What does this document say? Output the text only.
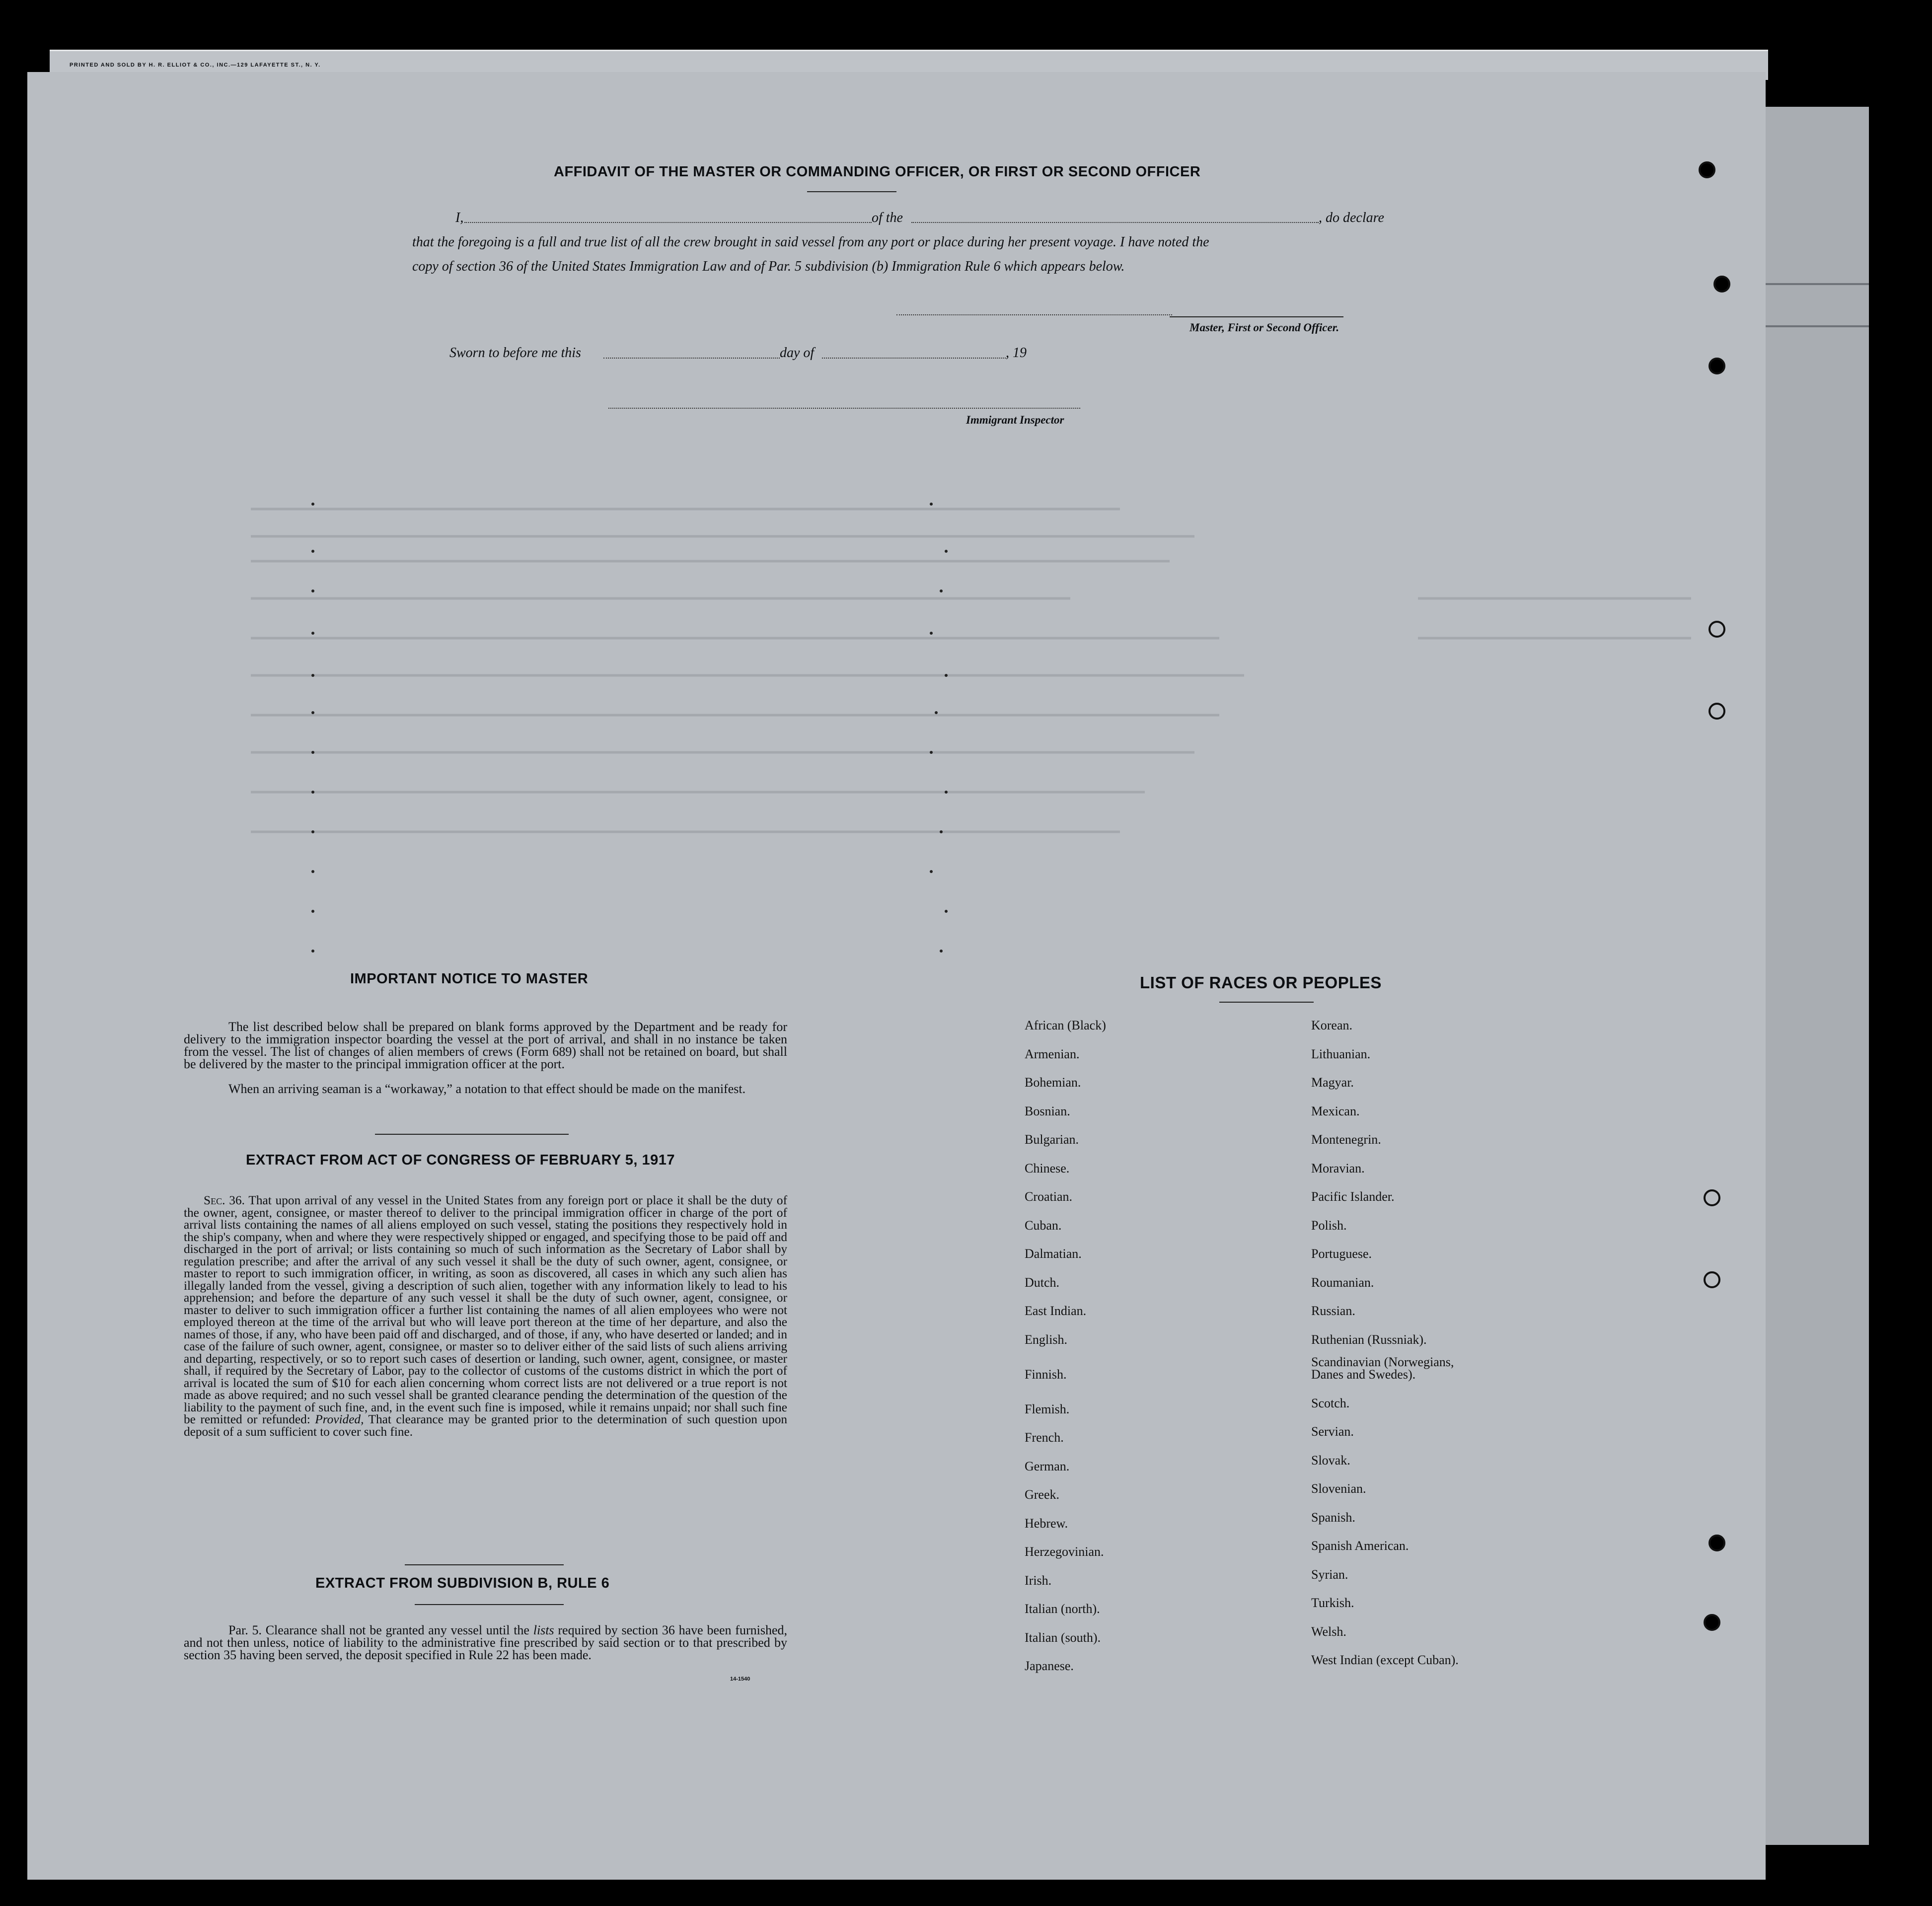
PRINTED AND SOLD BY H. R. ELLIOT & CO., INC.—129 LAFAYETTE ST., N. Y.
AFFIDAVIT OF THE MASTER OR COMMANDING OFFICER, OR FIRST OR SECOND OFFICER
I,	of the	, do declare
that the foregoing is a full and true list of all the crew brought in said vessel from any port or place during her present voyage. I have noted the
copy of section 36 of the United States Immigration Law and of Par. 5 subdivision (b) Immigration Rule 6 which appears below.
Master, First or Second Officer.
Sworn to before me this	day of	, 19
Immigrant Inspector
IMPORTANT NOTICE TO MASTER
The list described below shall be prepared on blank forms approved by the Department and be ready for delivery to the immigration inspector boarding the vessel at the port of arrival, and shall in no instance be taken from the vessel. The list of changes of alien members of crews (Form 689) shall not be retained on board, but shall be delivered by the master to the principal immigration officer at the port.
When an arriving seaman is a “workaway,” a notation to that effect should be made on the manifest.
EXTRACT FROM ACT OF CONGRESS OF FEBRUARY 5, 1917
Sec. 36. That upon arrival of any vessel in the United States from any foreign port or place it shall be the duty of the owner, agent, consignee, or master thereof to deliver to the principal immigration officer in charge of the port of arrival lists containing the names of all aliens employed on such vessel, stating the positions they respectively hold in the ship's company, when and where they were respectively shipped or engaged, and specifying those to be paid off and discharged in the port of arrival; or lists containing so much of such information as the Secretary of Labor shall by regulation prescribe; and after the arrival of any such vessel it shall be the duty of such owner, agent, consignee, or master to report to such immigration officer, in writing, as soon as discovered, all cases in which any such alien has illegally landed from the vessel, giving a description of such alien, together with any information likely to lead to his apprehension; and before the departure of any such vessel it shall be the duty of such owner, agent, consignee, or master to deliver to such immigration officer a further list containing the names of all alien employees who were not employed thereon at the time of the arrival but who will leave port thereon at the time of her departure, and also the names of those, if any, who have been paid off and discharged, and of those, if any, who have deserted or landed; and in case of the failure of such owner, agent, consignee, or master so to deliver either of the said lists of such aliens arriving and departing, respectively, or so to report such cases of desertion or landing, such owner, agent, consignee, or master shall, if required by the Secretary of Labor, pay to the collector of customs of the customs district in which the port of arrival is located the sum of $10 for each alien concerning whom correct lists are not delivered or a true report is not made as above required; and no such vessel shall be granted clearance pending the determination of the question of the liability to the payment of such fine, and, in the event such fine is imposed, while it remains unpaid; nor shall such fine be remitted or refunded: Provided, That clearance may be granted prior to the determination of such question upon deposit of a sum sufficient to cover such fine.
EXTRACT FROM SUBDIVISION B, RULE 6
Par. 5. Clearance shall not be granted any vessel until the lists required by section 36 have been furnished, and not then unless, notice of liability to the administrative fine prescribed by said section or to that prescribed by section 35 having been served, the deposit specified in Rule 22 has been made.
14-1540
LIST OF RACES OR PEOPLES
African (Black)
Armenian.
Bohemian.
Bosnian.
Bulgarian.
Chinese.
Croatian.
Cuban.
Dalmatian.
Dutch.
East Indian.
English.
Finnish.
Flemish.
French.
German.
Greek.
Hebrew.
Herzegovinian.
Irish.
Italian (north).
Italian (south).
Japanese.
Korean.
Lithuanian.
Magyar.
Mexican.
Montenegrin.
Moravian.
Pacific Islander.
Polish.
Portuguese.
Roumanian.
Russian.
Ruthenian (Russniak).
Scandinavian (Norwegians,
Danes and Swedes).
Scotch.
Servian.
Slovak.
Slovenian.
Spanish.
Spanish American.
Syrian.
Turkish.
Welsh.
West Indian (except Cuban).
